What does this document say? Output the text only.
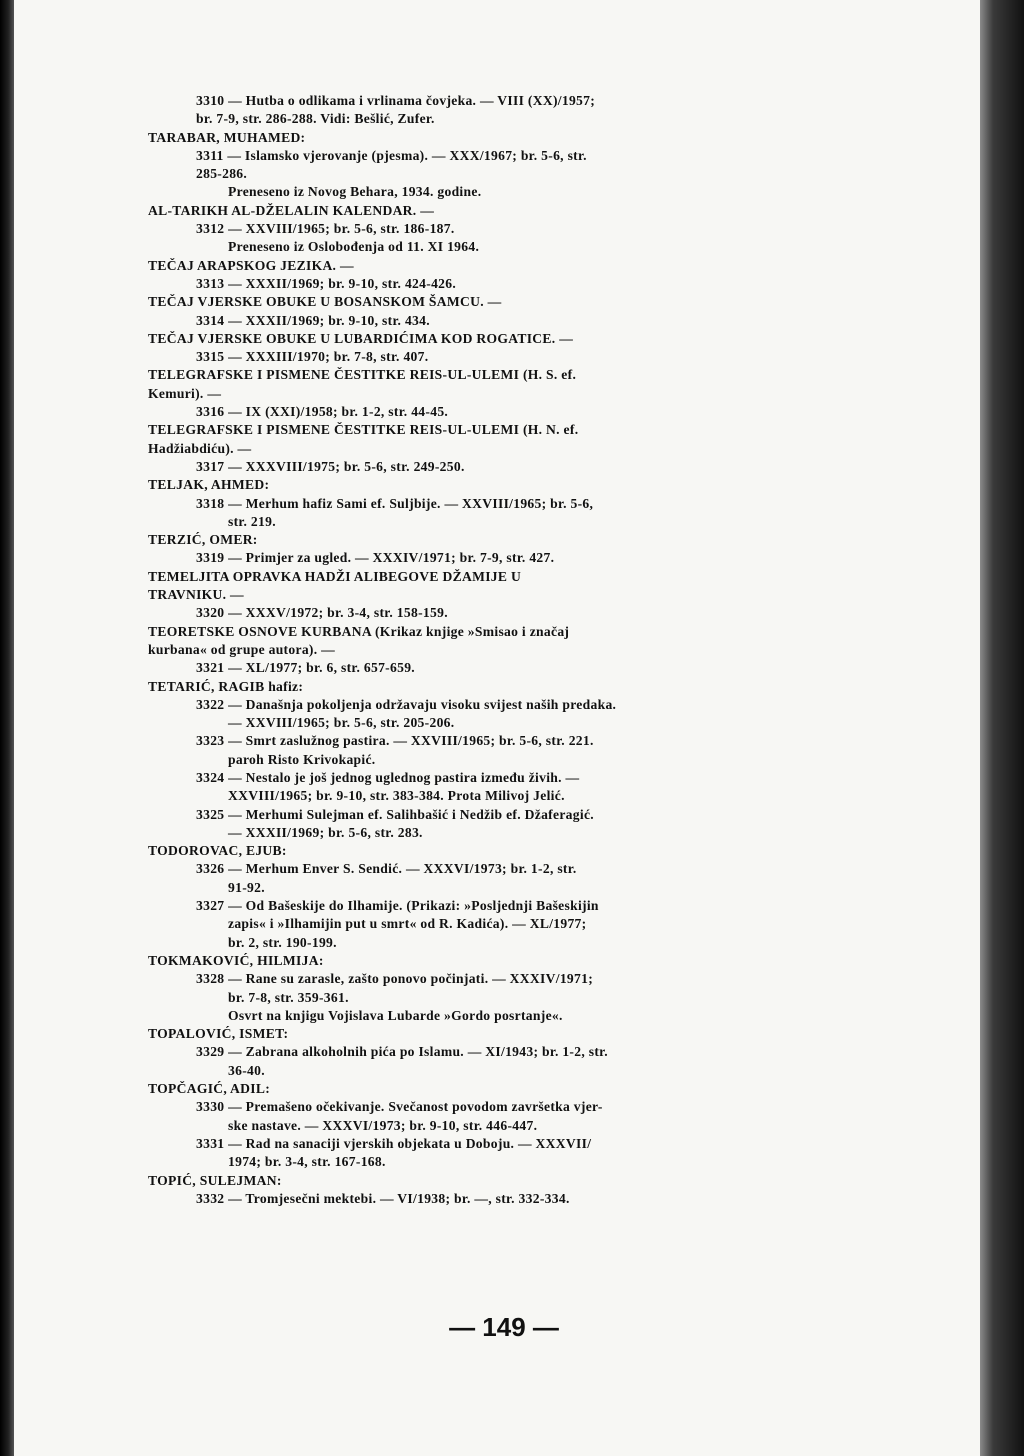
3310 — Hutba o odlikama i vrlinama čovjeka. — VIII (XX)/1957;
br. 7-9, str. 286-288. Vidi: Bešlić, Zufer.
TARABAR, MUHAMED:
3311 — Islamsko vjerovanje (pjesma). — XXX/1967; br. 5-6, str.
285-286.
Preneseno iz Novog Behara, 1934. godine.
AL-TARIKH AL-DŽELALIN KALENDAR. —
3312 — XXVIII/1965; br. 5-6, str. 186-187.
Preneseno iz Oslobođenja od 11. XI 1964.
TEČAJ ARAPSKOG JEZIKA. —
3313 — XXXII/1969; br. 9-10, str. 424-426.
TEČAJ VJERSKE OBUKE U BOSANSKOM ŠAMCU. —
3314 — XXXII/1969; br. 9-10, str. 434.
TEČAJ VJERSKE OBUKE U LUBARDIĆIMA KOD ROGATICE. —
3315 — XXXIII/1970; br. 7-8, str. 407.
TELEGRAFSKE I PISMENE ČESTITKE REIS-UL-ULEMI (H. S. ef.
Kemuri). —
3316 — IX (XXI)/1958; br. 1-2, str. 44-45.
TELEGRAFSKE I PISMENE ČESTITKE REIS-UL-ULEMI (H. N. ef.
Hadžiabdiću). —
3317 — XXXVIII/1975; br. 5-6, str. 249-250.
TELJAK, AHMED:
3318 — Merhum hafiz Sami ef. Suljbije. — XXVIII/1965; br. 5-6,
str. 219.
TERZIĆ, OMER:
3319 — Primjer za ugled. — XXXIV/1971; br. 7-9, str. 427.
TEMELJITA OPRAVKA HADŽI ALIBEGOVE DŽAMIJE U
TRAVNIKU. —
3320 — XXXV/1972; br. 3-4, str. 158-159.
TEORETSKE OSNOVE KURBANA (Krikaz knjige »Smisao i značaj
kurbana« od grupe autora). —
3321 — XL/1977; br. 6, str. 657-659.
TETARIĆ, RAGIB hafiz:
3322 — Današnja pokoljenja održavaju visoku svijest naših predaka.
— XXVIII/1965; br. 5-6, str. 205-206.
3323 — Smrt zaslužnog pastira. — XXVIII/1965; br. 5-6, str. 221.
paroh Risto Krivokapić.
3324 — Nestalo je još jednog uglednog pastira između živih. —
XXVIII/1965; br. 9-10, str. 383-384. Prota Milivoj Jelić.
3325 — Merhumi Sulejman ef. Salihbašić i Nedžib ef. Džaferagić.
— XXXII/1969; br. 5-6, str. 283.
TODOROVAC, EJUB:
3326 — Merhum Enver S. Sendić. — XXXVI/1973; br. 1-2, str.
91-92.
3327 — Od Bašeskije do Ilhamije. (Prikazi: »Posljednji Bašeskijin
zapis« i »Ilhamijin put u smrt« od R. Kadića). — XL/1977;
br. 2, str. 190-199.
TOKMAKOVIĆ, HILMIJA:
3328 — Rane su zarasle, zašto ponovo počinjati. — XXXIV/1971;
br. 7-8, str. 359-361.
Osvrt na knjigu Vojislava Lubarde »Gordo posrtanje«.
TOPALOVIĆ, ISMET:
3329 — Zabrana alkoholnih pića po Islamu. — XI/1943; br. 1-2, str.
36-40.
TOPČAGIĆ, ADIL:
3330 — Premašeno očekivanje. Svečanost povodom završetka vjer-
ske nastave. — XXXVI/1973; br. 9-10, str. 446-447.
3331 — Rad na sanaciji vjerskih objekata u Doboju. — XXXVII/
1974; br. 3-4, str. 167-168.
TOPIĆ, SULEJMAN:
3332 — Tromjesečni mektebi. — VI/1938; br. —, str. 332-334.
— 149 —
